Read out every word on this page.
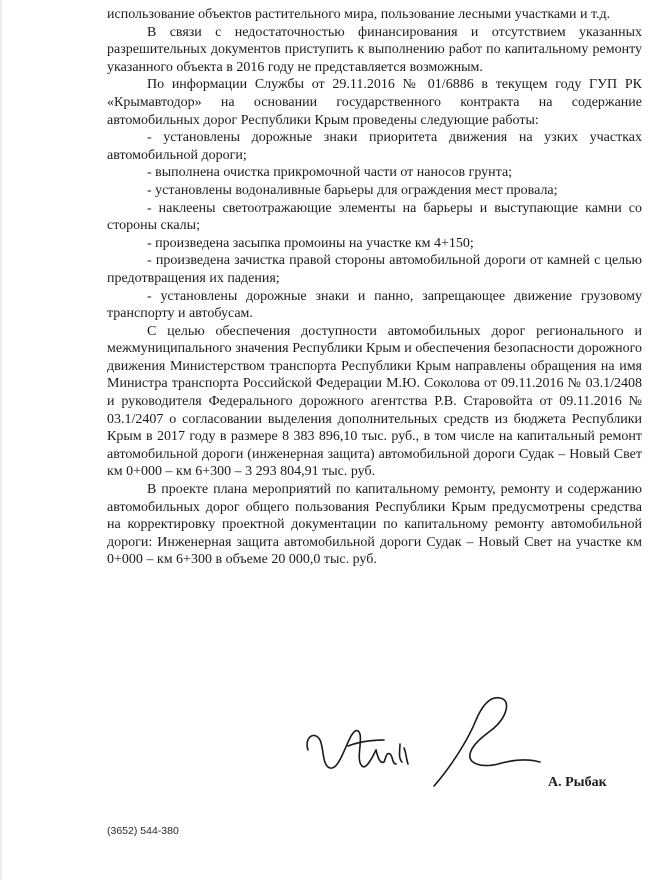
использование объектов растительного мира, пользование лесными участками и т.д.

В связи с недостаточностью финансирования и отсутствием указанных разрешительных документов приступить к выполнению работ по капитальному ремонту указанного объекта в 2016 году не представляется возможным.

По информации Службы от 29.11.2016 № 01/6886 в текущем году ГУП РК «Крымавтодор» на основании государственного контракта на содержание автомобильных дорог Республики Крым проведены следующие работы:

- установлены дорожные знаки приоритета движения на узких участках автомобильной дороги;

- выполнена очистка прикромочной части от наносов грунта;

- установлены водоналивные барьеры для ограждения мест провала;

- наклеены светоотражающие элементы на барьеры и выступающие камни со стороны скалы;

- произведена засыпка промоины на участке км 4+150;

- произведена зачистка правой стороны автомобильной дороги от камней с целью предотвращения их падения;

- установлены дорожные знаки и панно, запрещающее движение грузовому транспорту и автобусам.

С целью обеспечения доступности автомобильных дорог регионального и межмуниципального значения Республики Крым и обеспечения безопасности дорожного движения Министерством транспорта Республики Крым направлены обращения на имя Министра транспорта Российской Федерации М.Ю. Соколова от 09.11.2016 № 03.1/2408 и руководителя Федерального дорожного агентства Р.В. Старовойта от 09.11.2016 № 03.1/2407 о согласовании выделения дополнительных средств из бюджета Республики Крым в 2017 году в размере 8 383 896,10 тыс. руб., в том числе на капитальный ремонт автомобильной дороги (инженерная защита) автомобильной дороги Судак – Новый Свет км 0+000 – км 6+300 – 3 293 804,91 тыс. руб.

В проекте плана мероприятий по капитальному ремонту, ремонту и содержанию автомобильных дорог общего пользования Республики Крым предусмотрены средства на корректировку проектной документации по капитальному ремонту автомобильной дороги: Инженерная защита автомобильной дороги Судак – Новый Свет на участке км 0+000 – км 6+300 в объеме 20 000,0 тыс. руб.

А. Рыбак
(3652) 544-380
